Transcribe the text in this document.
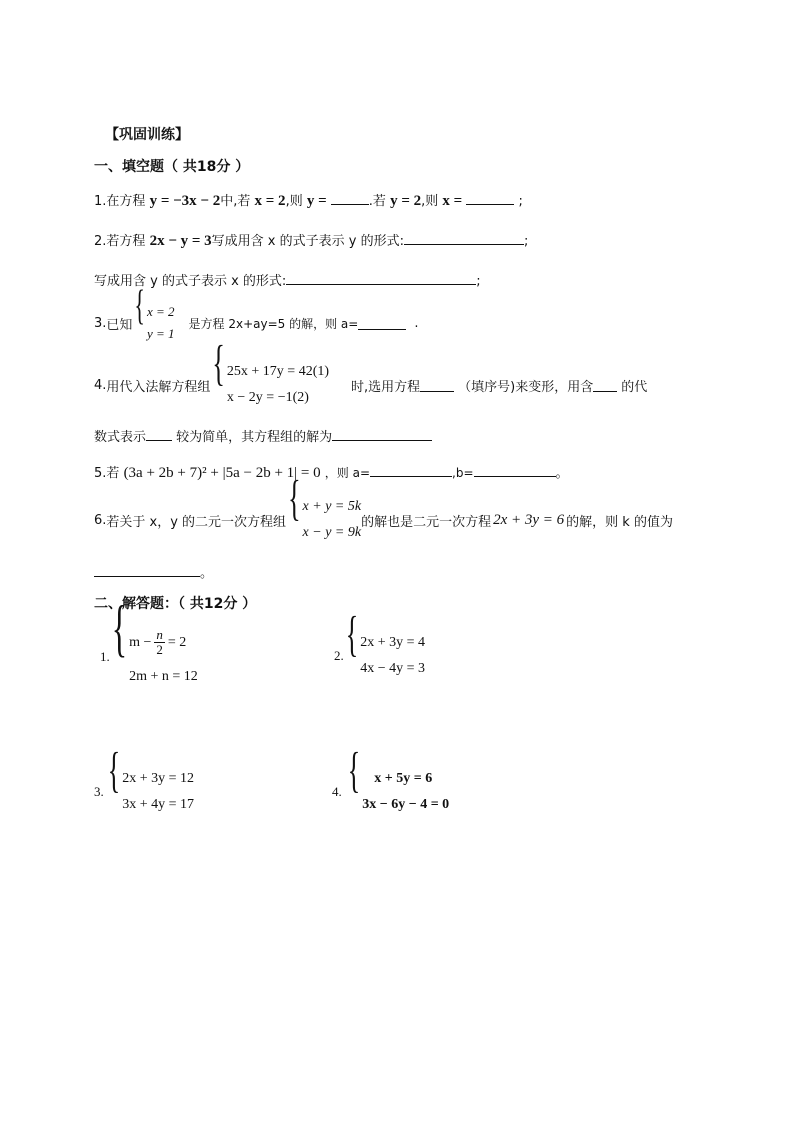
【巩固训练】
一、填空题（ 共18分 ）
1.在方程 y = −3x − 2中,若 x = 2,则 y =	.若 y = 2,则 x =	;
2.若方程 2x − y = 3写成用含 x 的式子表示 y 的形式:	;
写成用含 y 的式子表示 x 的形式:	;
3. 已知 { x = 2
y = 1
是方程 2x+ay=5 的解，则 a=	.
4. 用代入法解方程组 { 25x + 17y = 42(1)
x − 2y = −1(2)
时,选用方程	（填序号)来变形，用含 的代
数式表示 较为简单，其方程组的解为
5.若 (3a + 2b + 7)² + |5a − 2b + 1| = 0 ，则 a=	,b=	。
6. 若关于 x，y 的二元一次方程组 { x + y = 5k
x − y = 9k
的解也是二元一次方程 2x + 3y = 6 的解，则 k 的值为
。
二、解答题：（ 共12分 ）
1. { $m - \frac{n}{2} = 2$
2m + n = 12
2. { 2x + 3y = 4
4x − 4y = 3
3. { 2x + 3y = 12
3x + 4y = 17
4. {	x + 5y = 6
3x − 6y − 4 = 0
